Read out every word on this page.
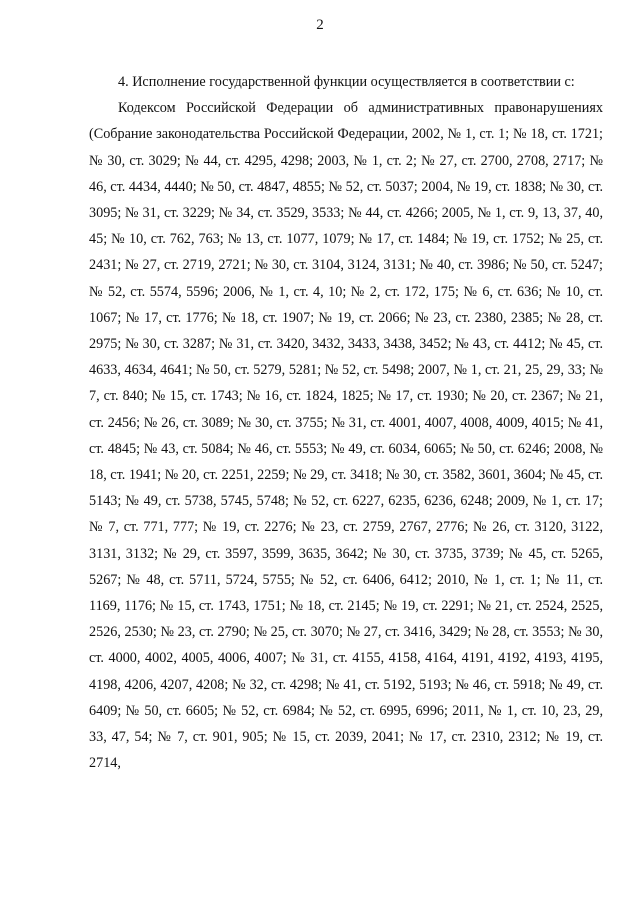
2

4. Исполнение государственной функции осуществляется в соответствии с:

Кодексом Российской Федерации об административных правонарушениях (Собрание законодательства Российской Федерации, 2002, № 1, ст. 1; № 18, ст. 1721; № 30, ст. 3029; № 44, ст. 4295, 4298; 2003, № 1, ст. 2; № 27, ст. 2700, 2708, 2717; № 46, ст. 4434, 4440; № 50, ст. 4847, 4855; № 52, ст. 5037; 2004, № 19, ст. 1838; № 30, ст. 3095; № 31, ст. 3229; № 34, ст. 3529, 3533; № 44, ст. 4266; 2005, № 1, ст. 9, 13, 37, 40, 45; № 10, ст. 762, 763; № 13, ст. 1077, 1079; № 17, ст. 1484; № 19, ст. 1752; № 25, ст. 2431; № 27, ст. 2719, 2721; № 30, ст. 3104, 3124, 3131; № 40, ст. 3986; № 50, ст. 5247; № 52, ст. 5574, 5596; 2006, № 1, ст. 4, 10; № 2, ст. 172, 175; № 6, ст. 636; № 10, ст. 1067; № 17, ст. 1776; № 18, ст. 1907; № 19, ст. 2066; № 23, ст. 2380, 2385; № 28, ст. 2975; № 30, ст. 3287; № 31, ст. 3420, 3432, 3433, 3438, 3452; № 43, ст. 4412; № 45, ст. 4633, 4634, 4641; № 50, ст. 5279, 5281; № 52, ст. 5498; 2007, № 1, ст. 21, 25, 29, 33; № 7, ст. 840; № 15, ст. 1743; № 16, ст. 1824, 1825; № 17, ст. 1930; № 20, ст. 2367; № 21, ст. 2456; № 26, ст. 3089; № 30, ст. 3755; № 31, ст. 4001, 4007, 4008, 4009, 4015; № 41, ст. 4845; № 43, ст. 5084; № 46, ст. 5553; № 49, ст. 6034, 6065; № 50, ст. 6246; 2008, № 18, ст. 1941; № 20, ст. 2251, 2259; № 29, ст. 3418; № 30, ст. 3582, 3601, 3604; № 45, ст. 5143; № 49, ст. 5738, 5745, 5748; № 52, ст. 6227, 6235, 6236, 6248; 2009, № 1, ст. 17; № 7, ст. 771, 777; № 19, ст. 2276; № 23, ст. 2759, 2767, 2776; № 26, ст. 3120, 3122, 3131, 3132; № 29, ст. 3597, 3599, 3635, 3642; № 30, ст. 3735, 3739; № 45, ст. 5265, 5267; № 48, ст. 5711, 5724, 5755; № 52, ст. 6406, 6412; 2010, № 1, ст. 1; № 11, ст. 1169, 1176; № 15, ст. 1743, 1751; № 18, ст. 2145; № 19, ст. 2291; № 21, ст. 2524, 2525, 2526, 2530; № 23, ст. 2790; № 25, ст. 3070; № 27, ст. 3416, 3429; № 28, ст. 3553; № 30, ст. 4000, 4002, 4005, 4006, 4007; № 31, ст. 4155, 4158, 4164, 4191, 4192, 4193, 4195, 4198, 4206, 4207, 4208; № 32, ст. 4298; № 41, ст. 5192, 5193; № 46, ст. 5918; № 49, ст. 6409; № 50, ст. 6605; № 52, ст. 6984; № 52, ст. 6995, 6996; 2011, № 1, ст. 10, 23, 29, 33, 47, 54; № 7, ст. 901, 905; № 15, ст. 2039, 2041; № 17, ст. 2310, 2312; № 19, ст. 2714,
